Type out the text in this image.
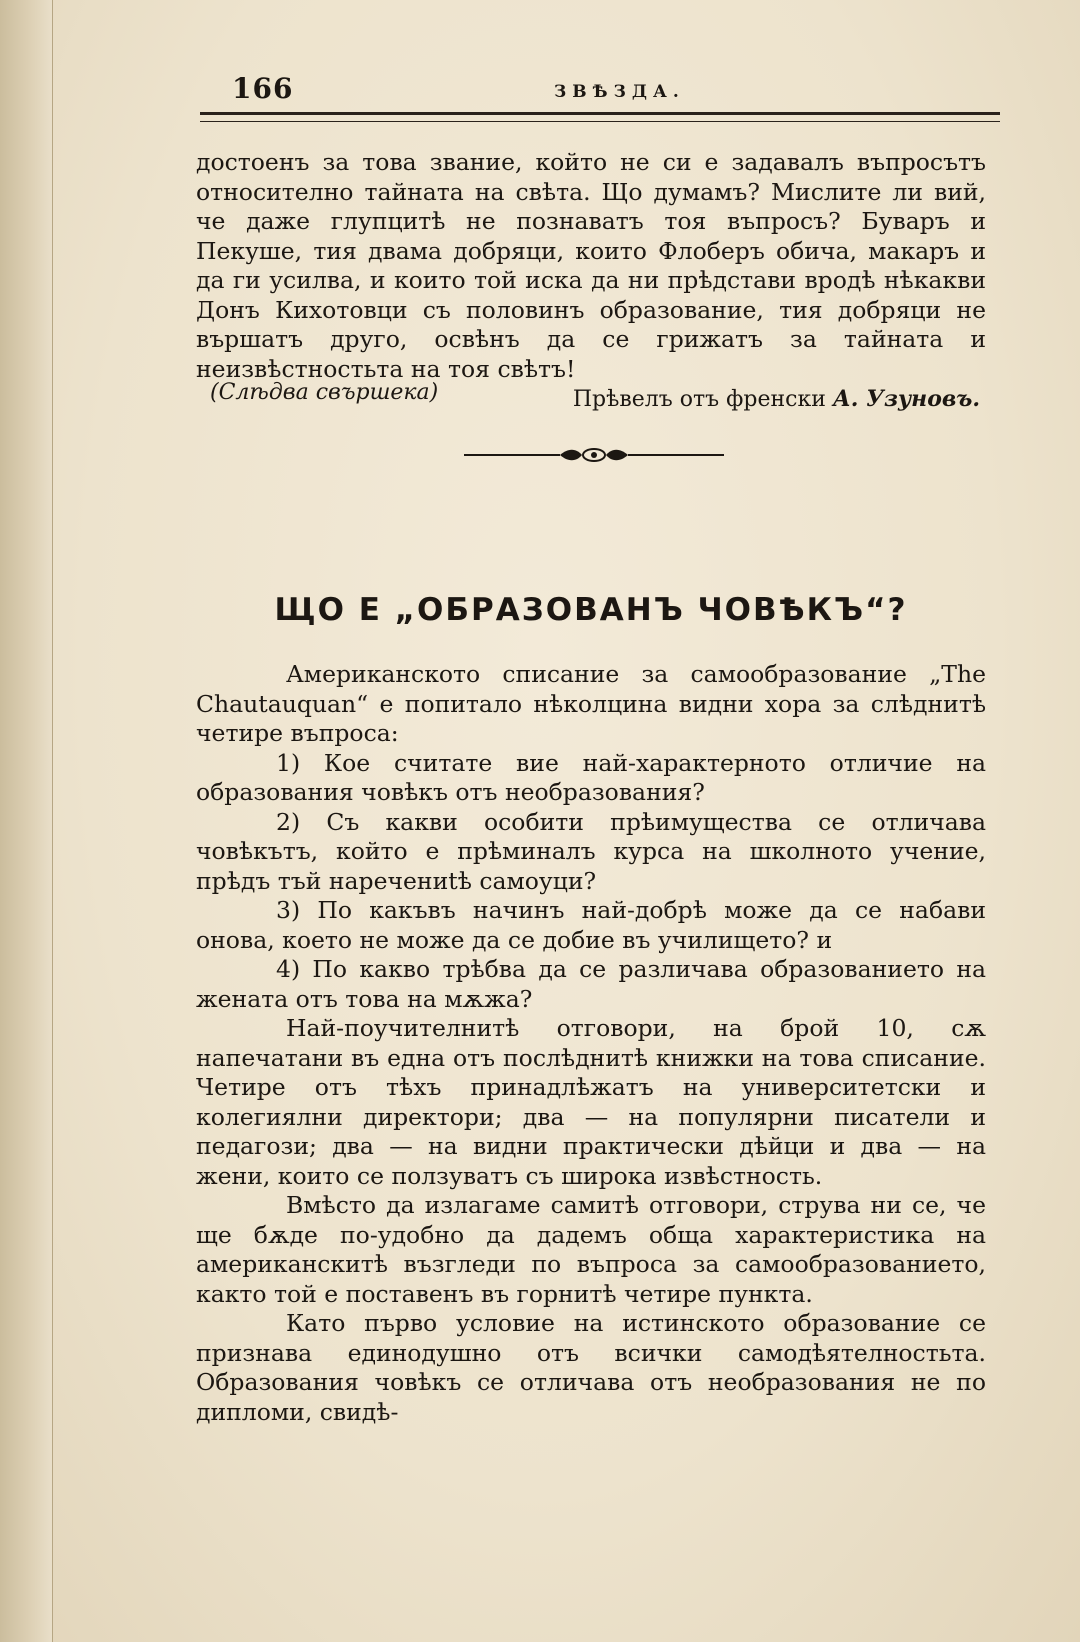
166	ЗВѢЗДА.

достоенъ за това звание, който не си е задавалъ въпросътъ относително тайната на свѣта. Що думамъ? Мислите ли вий, че даже глупцитѣ не познаватъ тоя въпросъ? Буваръ и Пекуше, тия двама добряци, които Флоберъ обича, макаръ и да ги усилва, и които той иска да ни прѣдстави вродѣ нѣкакви Донъ Кихотовци съ половинъ образование, тия добряци не вършатъ друго, освѣнъ да се грижатъ за тайната и неизвѣстностьта на тоя свѣтъ!

(Слѣдва свършека)	Прѣвелъ отъ френски А. Узуновъ.
ЩО Е „ОБРАЗОВАНЪ ЧОВѢКЪ“?

Американското списание за самообразование „The Chautauquan“ е попитало нѣколцина видни хора за слѣднитѣ четире въпроса:

1) Кое считате вие най-характерното отличие на образования човѣкъ отъ необразования?

2) Съ какви особити прѣимущества се отличава човѣкътъ, който е прѣминалъ курса на школното учение, прѣдъ тъй наречениtѣ самоуци?

3) По какъвъ начинъ най-добрѣ може да се набави онова, което не може да се добие въ училището? и

4) По какво трѣбва да се различава образованието на жената отъ това на мѫжа?

Най-поучителнитѣ отговори, на брой 10, сѫ напечатани въ една отъ послѣднитѣ книжки на това списание. Четире отъ тѣхъ принадлѣжатъ на университетски и колегиялни директори; два — на популярни писатели и педагози; два — на видни практически дѣйци и два — на жени, които се ползуватъ съ широка извѣстность.

Вмѣсто да излагаме самитѣ отговори, струва ни се, че ще бѫде по-удобно да дадемъ обща характеристика на американскитѣ възгледи по въпроса за самообразованието, както той е поставенъ въ горнитѣ четире пункта.

Като първо условие на истинското образование се признава единодушно отъ всички самодѣятелностьта. Образования човѣкъ се отличава отъ необразования не по дипломи, свидѣ-
